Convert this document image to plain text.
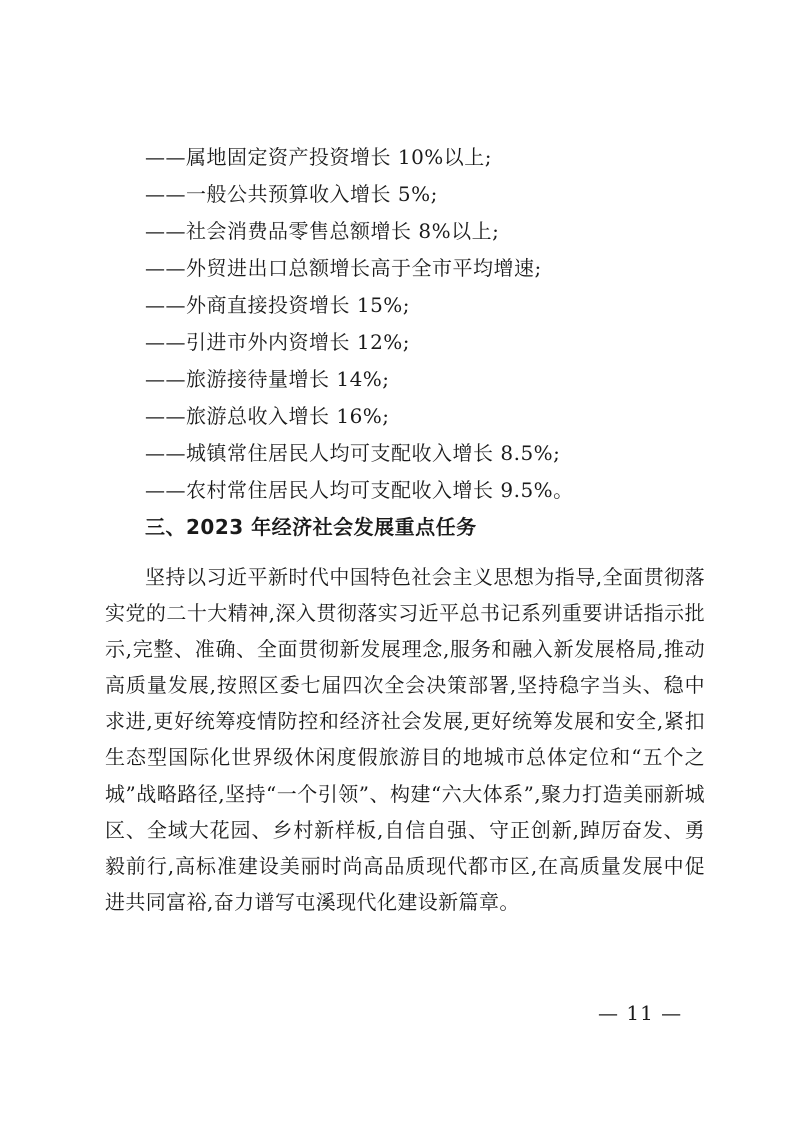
——属地固定资产投资增长 10%以上;
——一般公共预算收入增长 5%;
——社会消费品零售总额增长 8%以上;
——外贸进出口总额增长高于全市平均增速;
——外商直接投资增长 15%;
——引进市外内资增长 12%;
——旅游接待量增长 14%;
——旅游总收入增长 16%;
——城镇常住居民人均可支配收入增长 8.5%;
——农村常住居民人均可支配收入增长 9.5%。
三、2023 年经济社会发展重点任务
坚持以习近平新时代中国特色社会主义思想为指导,全面贯彻落实党的二十大精神,深入贯彻落实习近平总书记系列重要讲话指示批示,完整、准确、全面贯彻新发展理念,服务和融入新发展格局,推动高质量发展,按照区委七届四次全会决策部署,坚持稳字当头、稳中求进,更好统筹疫情防控和经济社会发展,更好统筹发展和安全,紧扣生态型国际化世界级休闲度假旅游目的地城市总体定位和“五个之城”战略路径,坚持“一个引领”、构建“六大体系”,聚力打造美丽新城区、全域大花园、乡村新样板,自信自强、守正创新,踔厉奋发、勇毅前行,高标准建设美丽时尚高品质现代都市区,在高质量发展中促进共同富裕,奋力谱写屯溪现代化建设新篇章。
— 11 —
